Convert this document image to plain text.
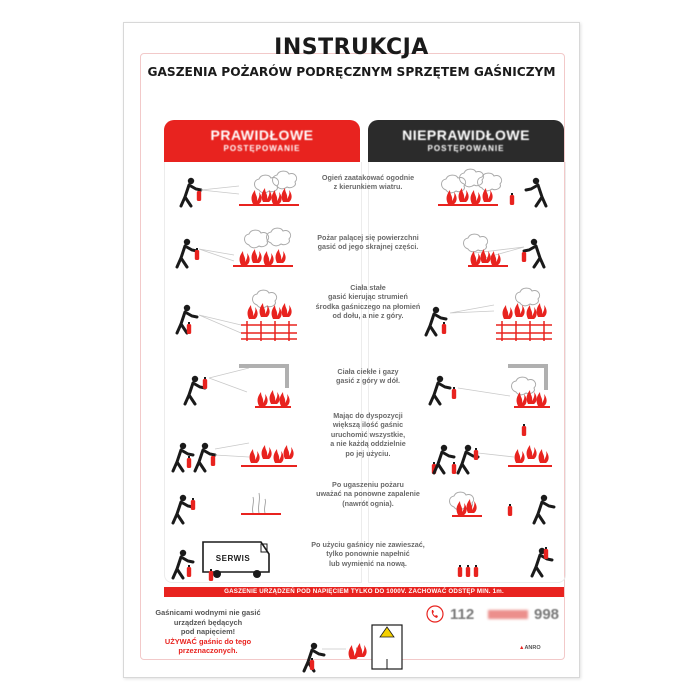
INSTRUKCJA
GASZENIA POŻARÓW PODRĘCZNYM SPRZĘTEM GAŚNICZYM
PRAWIDŁOWE
POSTĘPOWANIE
NIEPRAWIDŁOWE
POSTĘPOWANIE
Ogień zaatakować ogodnie
z kierunkiem wiatru.
Pożar palącej się powierzchni
gasić od jego skrajnej części.
Ciała stałe
gasić kierując strumień
środka gaśniczego na płomień
od dołu, a nie z góry.
Ciała ciekłe i gazy
gasić z góry w dół.
Mając do dyspozycji
większą ilość gaśnic
uruchomić wszystkie,
a nie każdą oddzielnie
po jej użyciu.
Po ugaszeniu pożaru
uważać na ponowne zapalenie
(nawrót ognia).
Po użyciu gaśnicy nie zawieszać,
tylko ponownie napełnić
lub wymienić na nową.
SERWIS
GASZENIE URZĄDZEŃ POD NAPIĘCIEM TYLKO DO 1000V. ZACHOWAĆ ODSTĘP MIN. 1m.
Gaśnicami wodnymi nie gasić
urządzeń będących
pod napięciem!
UŻYWAĆ gaśnic do tego
przeznaczonych.
112	998
▲ANRO
